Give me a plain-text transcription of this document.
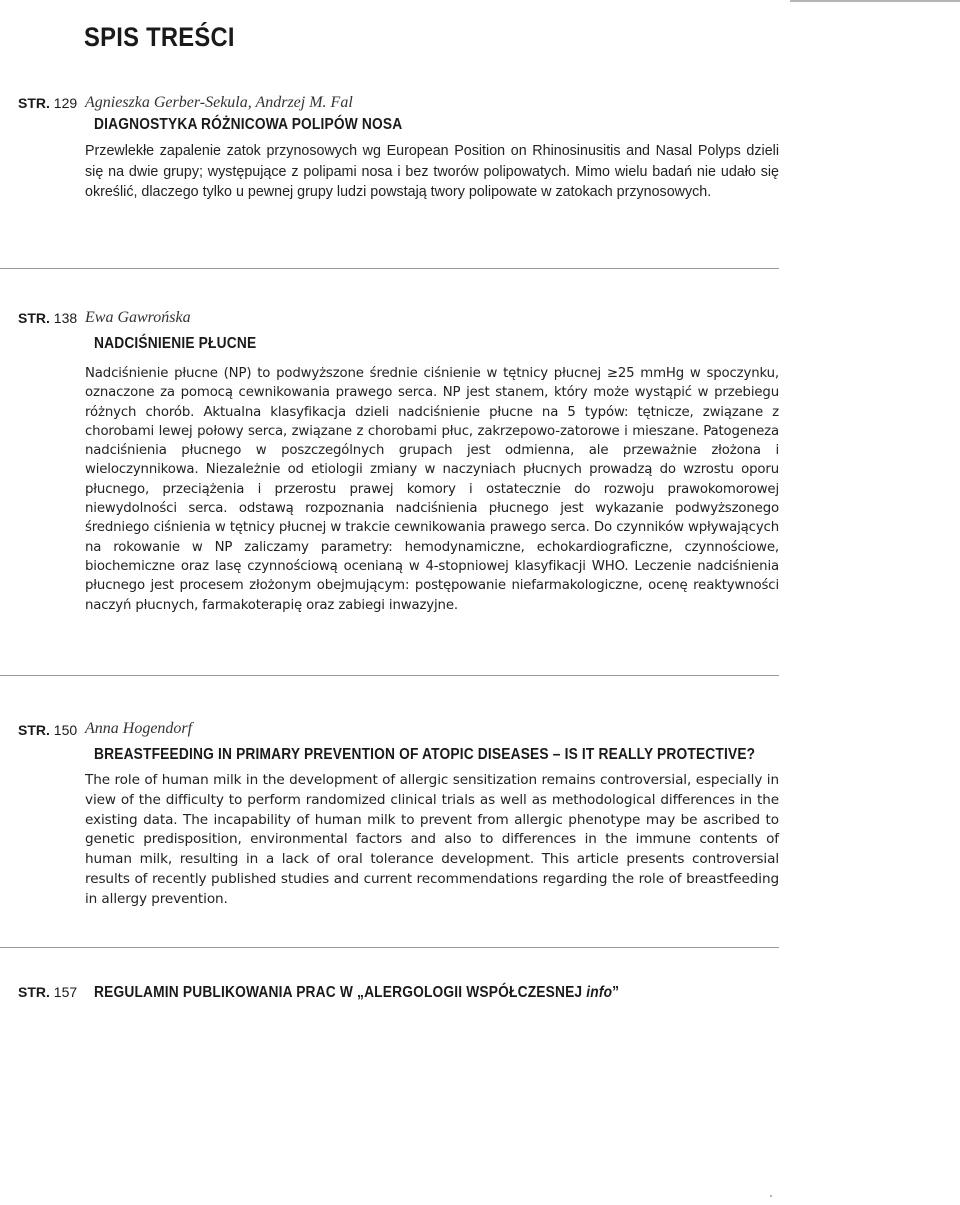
SPIS TREŚCI
STR. 129 Agnieszka Gerber-Sekula, Andrzej M. Fal
DIAGNOSTYKA RÓŻNICOWA POLIPÓW NOSA

Przewlekłe zapalenie zatok przynosowych wg European Position on Rhinosinusitis and Nasal Polyps dzieli się na dwie grupy; występujące z polipami nosa i bez tworów polipowatych. Mimo wielu badań nie udało się określić, dlaczego tylko u pewnej grupy ludzi powstają twory polipowate w zatokach przynosowych.

STR. 138 Ewa Gawrońska
NADCIŚNIENIE PŁUCNE

Nadciśnienie płucne (NP) to podwyższone średnie ciśnienie w tętnicy płucnej ≥25 mmHg w spoczynku, oznaczone za pomocą cewnikowania prawego serca. NP jest stanem, który może wystąpić w przebiegu różnych chorób. Aktualna klasyfikacja dzieli nadciśnienie płucne na 5 typów: tętnicze, związane z chorobami lewej połowy serca, związane z chorobami płuc, zakrzepowo-zatorowe i mieszane. Patogeneza nadciśnienia płucnego w poszczególnych grupach jest odmienna, ale przeważnie złożona i wieloczynnikowa. Niezależnie od etiologii zmiany w naczyniach płucnych prowadzą do wzrostu oporu płucnego, przeciążenia i przerostu prawej komory i ostatecznie do rozwoju prawokomorowej niewydolności serca. odstawą rozpoznania nadciśnienia płucnego jest wykazanie podwyższonego średniego ciśnienia w tętnicy płucnej w trakcie cewnikowania prawego serca. Do czynników wpływających na rokowanie w NP zaliczamy parametry: hemodynamiczne, echokardiograficzne, czynnościowe, biochemiczne oraz lasę czynnościową ocenianą w 4-stopniowej klasyfikacji WHO. Leczenie nadciśnienia płucnego jest procesem złożonym obejmującym: postępowanie niefarmakologiczne, ocenę reaktywności naczyń płucnych, farmakoterapię oraz zabiegi inwazyjne.

STR. 150 Anna Hogendorf
BREASTFEEDING IN PRIMARY PREVENTION OF ATOPIC DISEASES – IS IT REALLY PROTECTIVE?

The role of human milk in the development of allergic sensitization remains controversial, especially in view of the difficulty to perform randomized clinical trials as well as methodological differences in the existing data. The incapability of human milk to prevent from allergic phenotype may be ascribed to genetic predisposition, environmental factors and also to differences in the immune contents of human milk, resulting in a lack of oral tolerance development. This article presents controversial results of recently published studies and current recommendations regarding the role of breastfeeding in allergy prevention.

STR. 157 REGULAMIN PUBLIKOWANIA PRAC W „ALERGOLOGII WSPÓŁCZESNEJ info”
